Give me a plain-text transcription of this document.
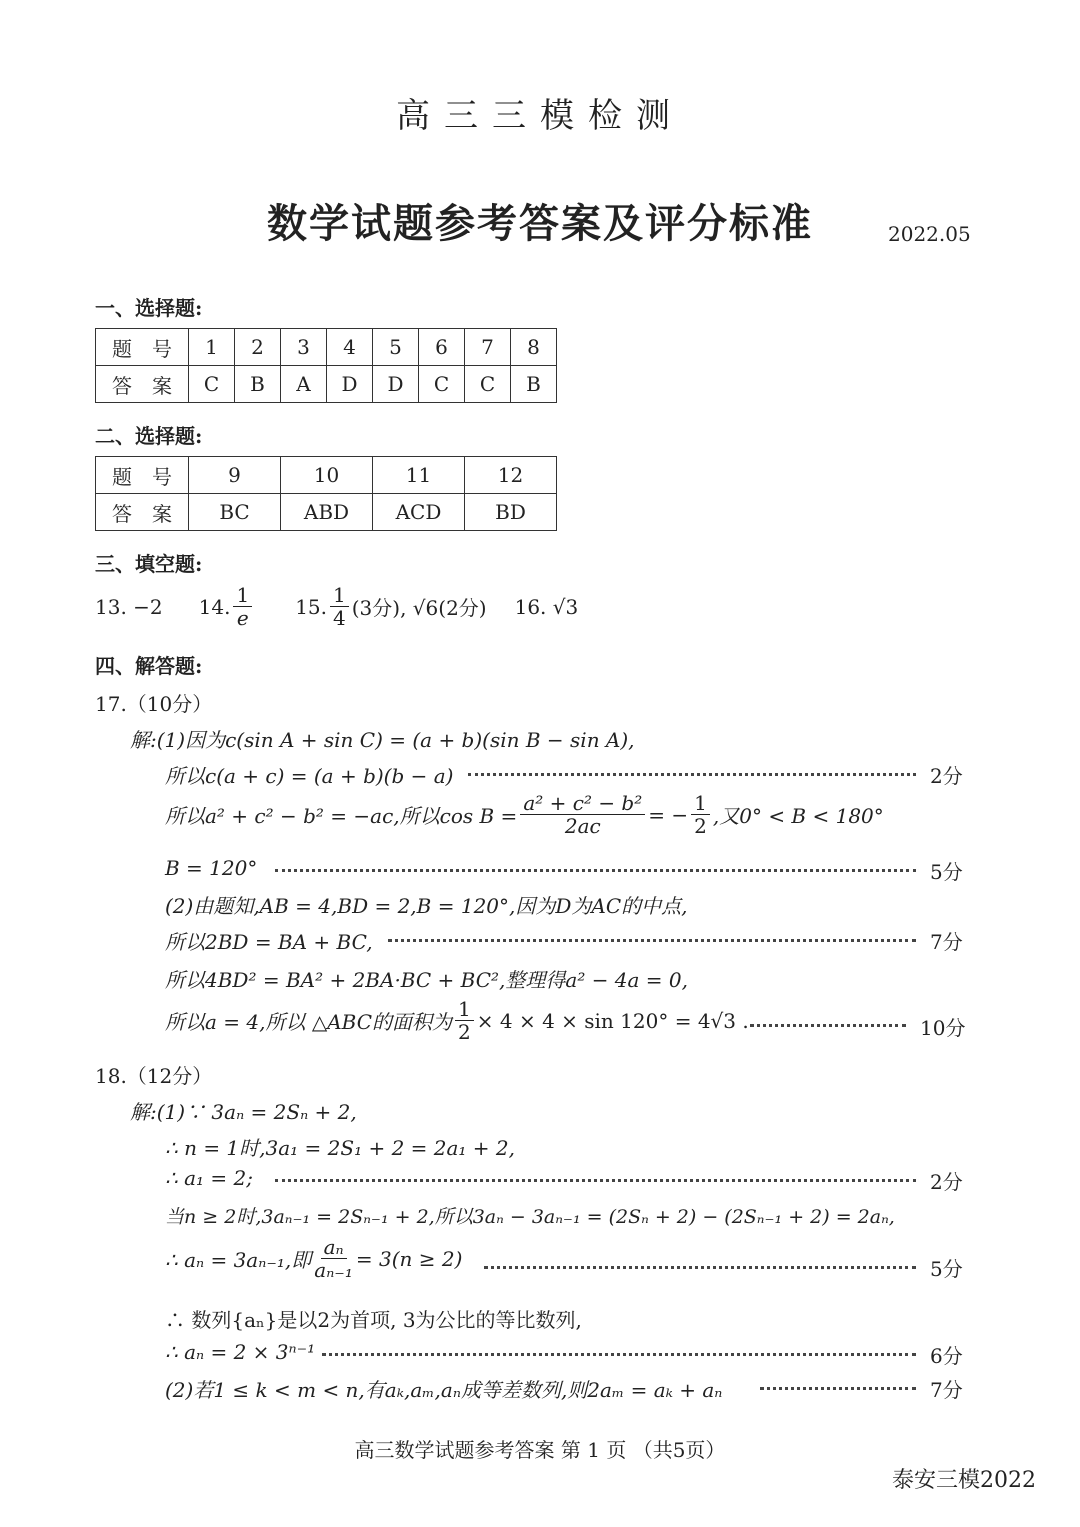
高三三模检测
数学试题参考答案及评分标准	2022.05
一、选择题:
题　号	1	2	3	4	5	6	7	8
答　案	C	B	A	D	D	C	C	B
二、选择题:
题　号	9	10	11	12
答　案	BC	ABD	ACD	BD
三、填空题:
13. −2 14. $\frac{1}{e} 15$. $\frac{1}{4} (3$分), √6(2分) 16. √3
四、解答题:
17.（10分）
解:(1)因为c(sin A + sin C) = (a + b)(sin B − sin A),
所以c(a + c) = (a + b)(b − a)	2分
所以a² + c² − b² = −ac,所以$\cos B = \frac{\text{a² + c² − b²}}{2ac}$ = − $\frac{1}{2}$ ,又0° < B < 180°
B = 120°	5分
(2)由题知,AB = 4,BD = 2,B = 120°,因为D为AC的中点,
所以2BD = BA + BC,	7分
所以4BD² = BA² + 2BA·BC + BC²,整理得a² − 4a = 0,
所以a = 4,所以 △ABC的面积为 $\frac{1}{2} \times 4 \times 4 \times \sin 120^\circ = 4√3$ .	10分
18.（12分）
解:(1)∵ 3aₙ = 2Sₙ + 2,
∴ n = 1时,3a₁ = 2S₁ + 2 = 2a₁ + 2,
∴ a₁ = 2;	2分
当n ≥ 2时,3aₙ₋₁ = 2Sₙ₋₁ + 2,所以3aₙ − 3aₙ₋₁ = (2Sₙ + 2) − (2Sₙ₋₁ + 2) = 2aₙ,
∴ aₙ = 3aₙ₋₁,即 $\frac{\text{aₙ}}{\text{aₙ₋₁}} = 3(n \ge 2)$	5分
∴ 数列{aₙ}是以2为首项, 3为公比的等比数列,
∴ aₙ = 2 × 3ⁿ⁻¹	6分
(2)若1 ≤ k < m < n,有aₖ,aₘ,aₙ成等差数列,则2aₘ = aₖ + aₙ	7分
高三数学试题参考答案 第 1 页 （共5页）
泰安三模2022
